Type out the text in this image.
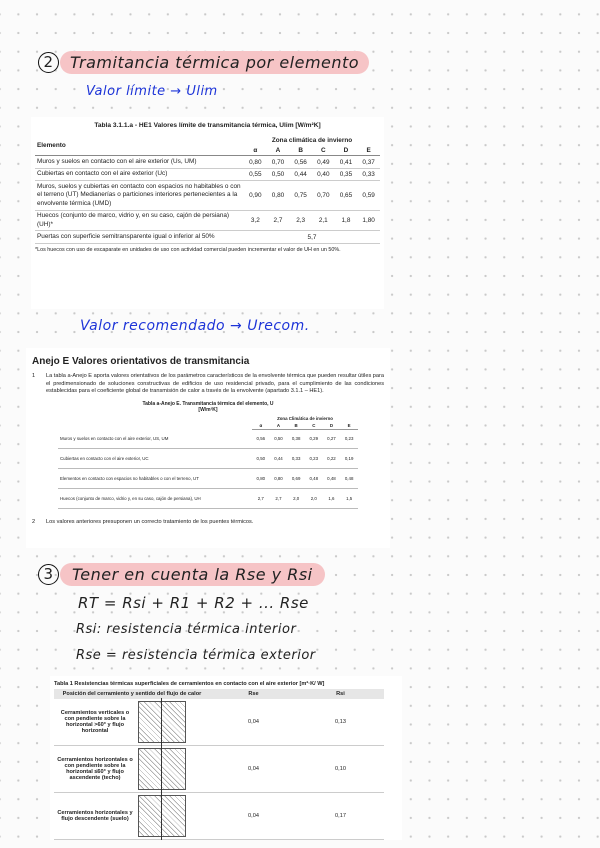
2	Tramitancia térmica por elemento
Valor límite → Ulim
Tabla 3.1.1.a - HE1 Valores límite de transmitancia térmica, Ulim [W/m²K]
Elemento	Zona climática de invierno					
	α	A	B	C	D	E
Muros y suelos en contacto con el aire exterior (Us, UM)	0,80	0,70	0,56	0,49	0,41	0,37
Cubiertas en contacto con el aire exterior (Uc)	0,55	0,50	0,44	0,40	0,35	0,33
Muros, suelos y cubiertas en contacto con espacios no habitables o con el terreno (UT) Medianerías o particiones interiores pertenecientes a la envolvente térmica (UMD)	0,90	0,80	0,75	0,70	0,65	0,59
Huecos (conjunto de marco, vidrio y, en su caso, cajón de persiana) (UH)*	3,2	2,7	2,3	2,1	1,8	1,80
Puertas con superficie semitransparente igual o inferior al 50%	5,7					
*Los huecos con uso de escaparate en unidades de uso con actividad comercial pueden incrementar el valor de UH en un 50%.
Valor recomendado → Urecom.
Anejo E Valores orientativos de transmitancia
1	La tabla a-Anejo E aporta valores orientativos de los parámetros característicos de la envolvente térmica que pueden resultar útiles para el predimensionado de soluciones constructivas de edificios de uso residencial privado, para el cumplimiento de las condiciones establecidas para el coeficiente global de transmisión de calor a través de la envolvente (apartado 3.1.1 – HE1).
Tabla a-Anejo E. Transmitancia térmica del elemento, U [W/m²K]
	Zona Climática de invierno					
	α	A	B	C	D	E
Muros y suelos en contacto con el aire exterior, US, UM	0,56	0,50	0,38	0,29	0,27	0,23
Cubiertas en contacto con el aire exterior, UC	0,50	0,44	0,33	0,23	0,22	0,19
Elementos en contacto con espacios no habitables o con el terreno, UT	0,80	0,80	0,69	0,48	0,48	0,48
Huecos (conjunto de marco, vidrio y, en su caso, cajón de persiana), UH	2,7	2,7	2,0	2,0	1,6	1,5
2	Los valores anteriores presuponen un correcto tratamiento de los puentes térmicos.
3	Tener en cuenta la Rse y Rsi
RT = Rsi + R1 + R2 + ... Rse
Rsi: resistencia térmica interior
Rse = resistencia térmica exterior
Tabla 1 Resistencias térmicas superficiales de cerramientos en contacto con el aire exterior [m²·K/ W]
Posición del cerramiento y sentido del flujo de calor		Rse	Rsi
Cerramientos verticales o con pendiente sobre la horizontal >60° y flujo horizontal		0,04	0,13
Cerramientos horizontales o con pendiente sobre la horizontal ≤60° y flujo ascendente (techo)		0,04	0,10
Cerramientos horizontales y flujo descendente (suelo)		0,04	0,17
